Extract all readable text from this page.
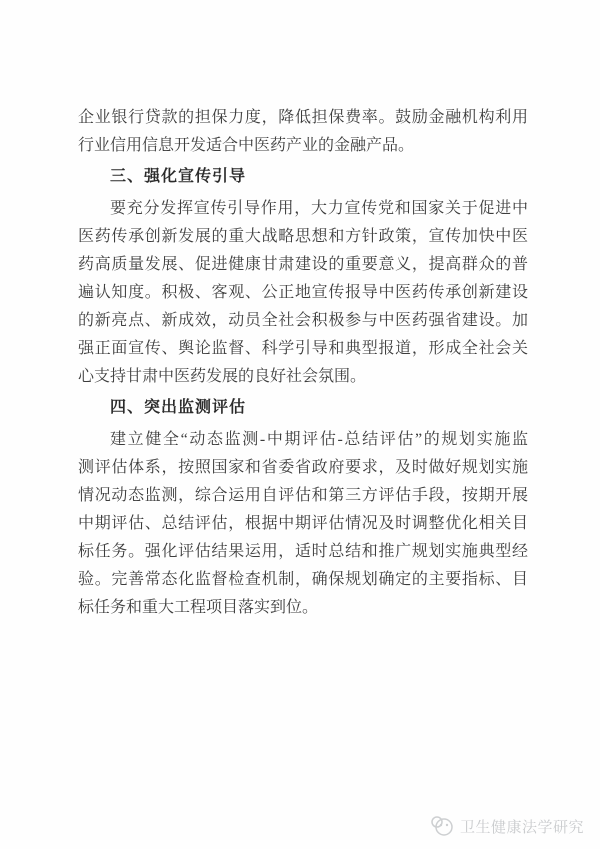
企业银行贷款的担保力度，降低担保费率。鼓励金融机构利用
行业信用信息开发适合中医药产业的金融产品。
三、强化宣传引导
要充分发挥宣传引导作用，大力宣传党和国家关于促进中
医药传承创新发展的重大战略思想和方针政策，宣传加快中医
药高质量发展、促进健康甘肃建设的重要意义，提高群众的普
遍认知度。积极、客观、公正地宣传报导中医药传承创新建设
的新亮点、新成效，动员全社会积极参与中医药强省建设。加
强正面宣传、舆论监督、科学引导和典型报道，形成全社会关
心支持甘肃中医药发展的良好社会氛围。
四、突出监测评估
建立健全“动态监测-中期评估-总结评估”的规划实施监
测评估体系，按照国家和省委省政府要求，及时做好规划实施
情况动态监测，综合运用自评估和第三方评估手段，按期开展
中期评估、总结评估，根据中期评估情况及时调整优化相关目
标任务。强化评估结果运用，适时总结和推广规划实施典型经
验。完善常态化监督检查机制，确保规划确定的主要指标、目
标任务和重大工程项目落实到位。
卫生健康法学研究
